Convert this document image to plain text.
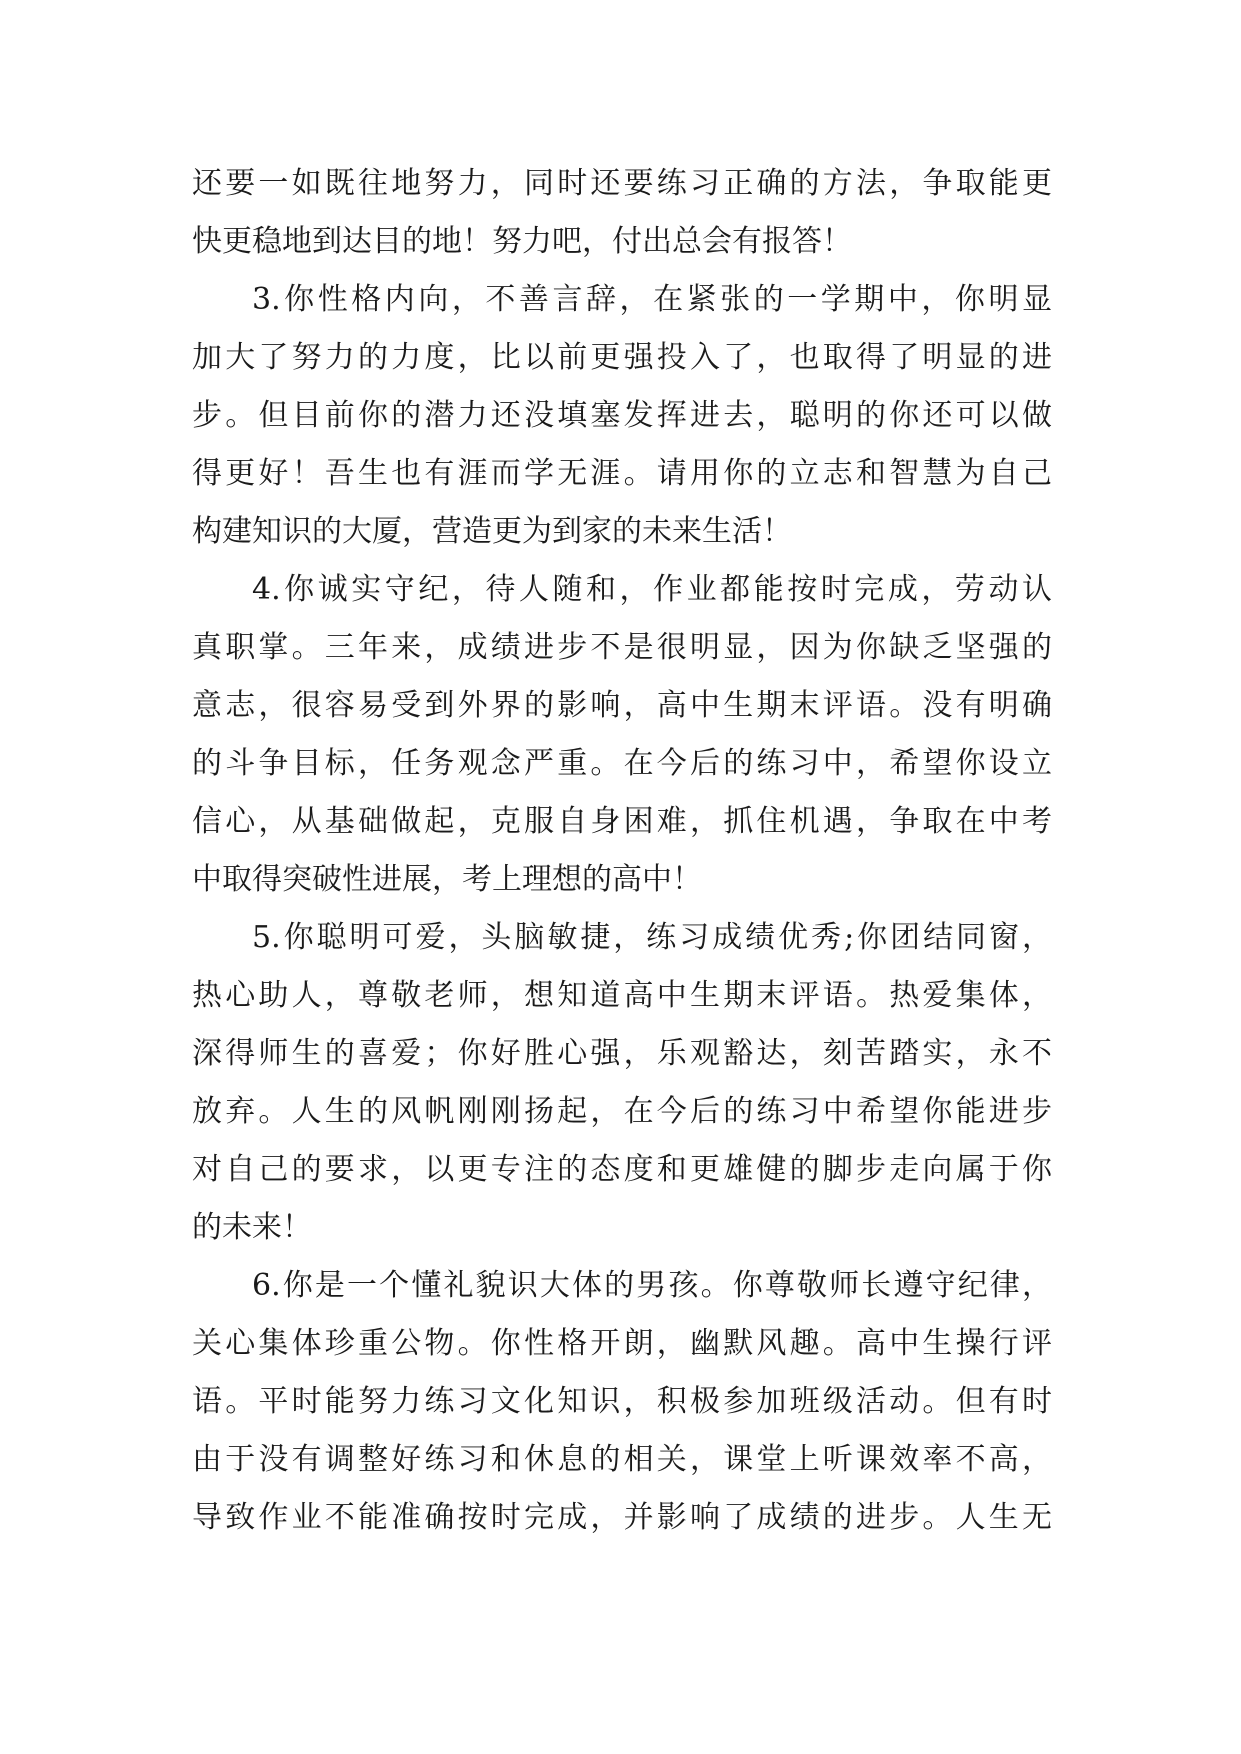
还要一如既往地努力，同时还要练习正确的方法，争取能更
快更稳地到达目的地！努力吧，付出总会有报答！
3.你性格内向，不善言辞，在紧张的一学期中，你明显
加大了努力的力度，比以前更强投入了，也取得了明显的进
步。但目前你的潜力还没填塞发挥进去，聪明的你还可以做
得更好！吾生也有涯而学无涯。请用你的立志和智慧为自己
构建知识的大厦，营造更为到家的未来生活！
4.你诚实守纪，待人随和，作业都能按时完成，劳动认
真职掌。三年来，成绩进步不是很明显，因为你缺乏坚强的
意志，很容易受到外界的影响，高中生期末评语。没有明确
的斗争目标，任务观念严重。在今后的练习中，希望你设立
信心，从基础做起，克服自身困难，抓住机遇，争取在中考
中取得突破性进展，考上理想的高中！
5.你聪明可爱，头脑敏捷，练习成绩优秀;你团结同窗，
热心助人，尊敬老师，想知道高中生期末评语。热爱集体，
深得师生的喜爱；你好胜心强，乐观豁达，刻苦踏实，永不
放弃。人生的风帆刚刚扬起，在今后的练习中希望你能进步
对自己的要求，以更专注的态度和更雄健的脚步走向属于你
的未来！
6.你是一个懂礼貌识大体的男孩。你尊敬师长遵守纪律，
关心集体珍重公物。你性格开朗，幽默风趣。高中生操行评
语。平时能努力练习文化知识，积极参加班级活动。但有时
由于没有调整好练习和休息的相关，课堂上听课效率不高，
导致作业不能准确按时完成，并影响了成绩的进步。人生无
